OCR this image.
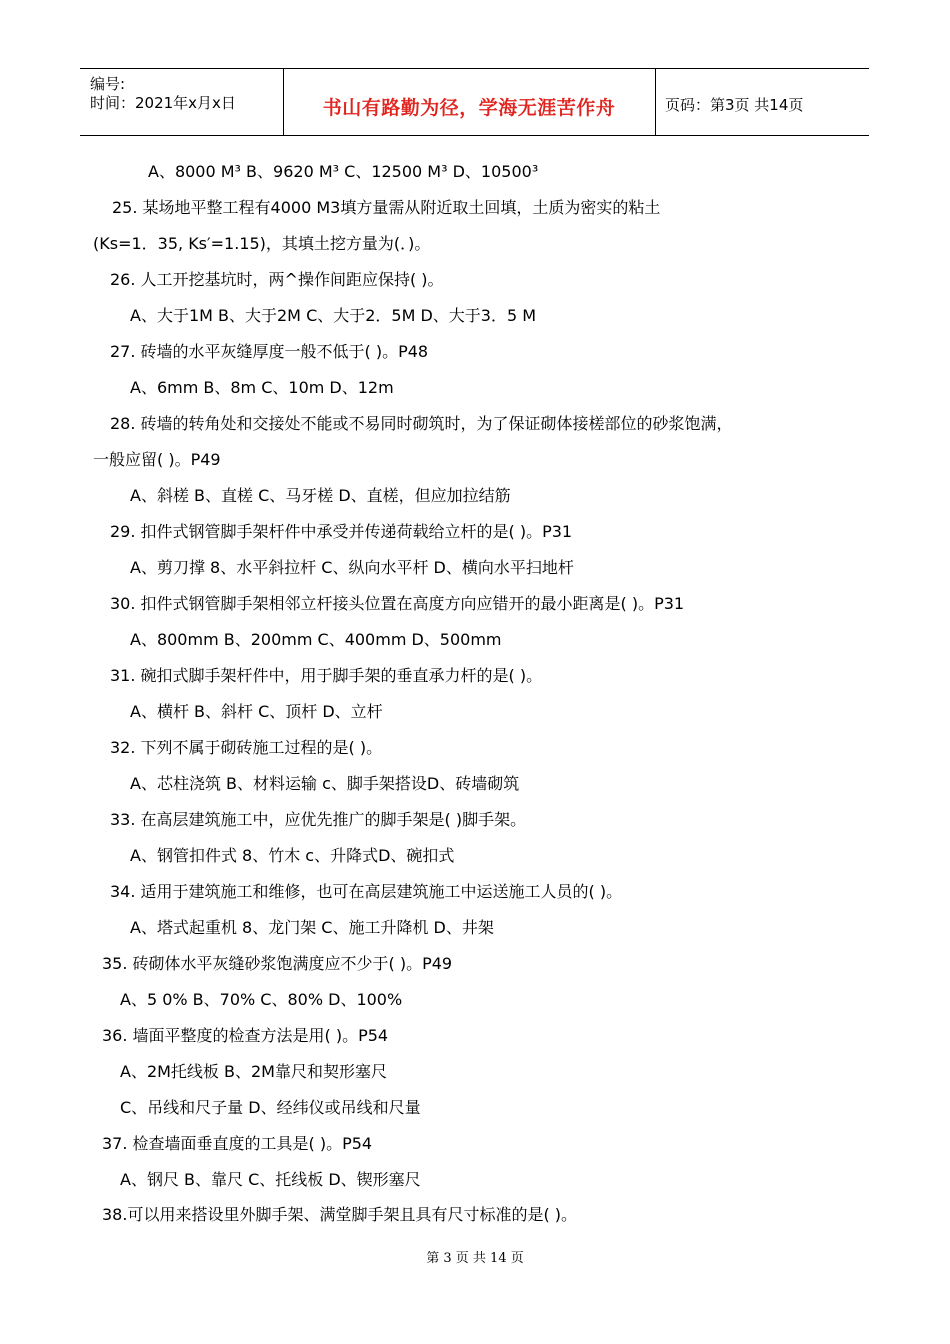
编号:
时间：2021年x月x日	书山有路勤为径，学海无涯苦作舟	页码：第3页 共14页
A、8000 M³ B、9620 M³ C、12500 M³ D、10500³
25. 某场地平整工程有4000 M3填方量需从附近取土回填，土质为密实的粘土
(Ks=1．35, Ks′=1.15)，其填土挖方量为(．)。
26. 人工开挖基坑时，两^操作间距应保持( )。
A、大于1M B、大于2M C、大于2．5M D、大于3．5 M
27. 砖墙的水平灰缝厚度一般不低于( )。P48
A、6mm B、8m C、10m D、12m
28. 砖墙的转角处和交接处不能或不易同时砌筑时，为了保证砌体接槎部位的砂浆饱满，
一般应留( )。P49
A、斜槎 B、直槎 C、马牙槎 D、直槎，但应加拉结筋
29. 扣件式钢管脚手架杆件中承受并传递荷载给立杆的是( )。P31
A、剪刀撑 8、水平斜拉杆 C、纵向水平杆 D、横向水平扫地杆
30. 扣件式钢管脚手架相邻立杆接头位置在高度方向应错开的最小距离是( )。P31
A、800mm B、200mm C、400mm D、500mm
31. 碗扣式脚手架杆件中，用于脚手架的垂直承力杆的是( )。
A、横杆 B、斜杆 C、顶杆 D、立杆
32. 下列不属于砌砖施工过程的是( )。
A、芯柱浇筑 B、材料运输 c、脚手架搭设D、砖墙砌筑
33. 在高层建筑施工中，应优先推广的脚手架是( )脚手架。
A、钢管扣件式 8、竹木 c、升降式D、碗扣式
34. 适用于建筑施工和维修，也可在高层建筑施工中运送施工人员的( )。
A、塔式起重机 8、龙门架 C、施工升降机 D、井架
35. 砖砌体水平灰缝砂浆饱满度应不少于( )。P49
A、5 0% B、70% C、80% D、100%
36. 墙面平整度的检查方法是用( )。P54
A、2M托线板 B、2M靠尺和契形塞尺
C、吊线和尺子量 D、经纬仪或吊线和尺量
37. 检查墙面垂直度的工具是( )。P54
A、钢尺 B、靠尺 C、托线板 D、锲形塞尺
38.可以用来搭设里外脚手架、满堂脚手架且具有尺寸标准的是( )。
第 3 页 共 14 页
